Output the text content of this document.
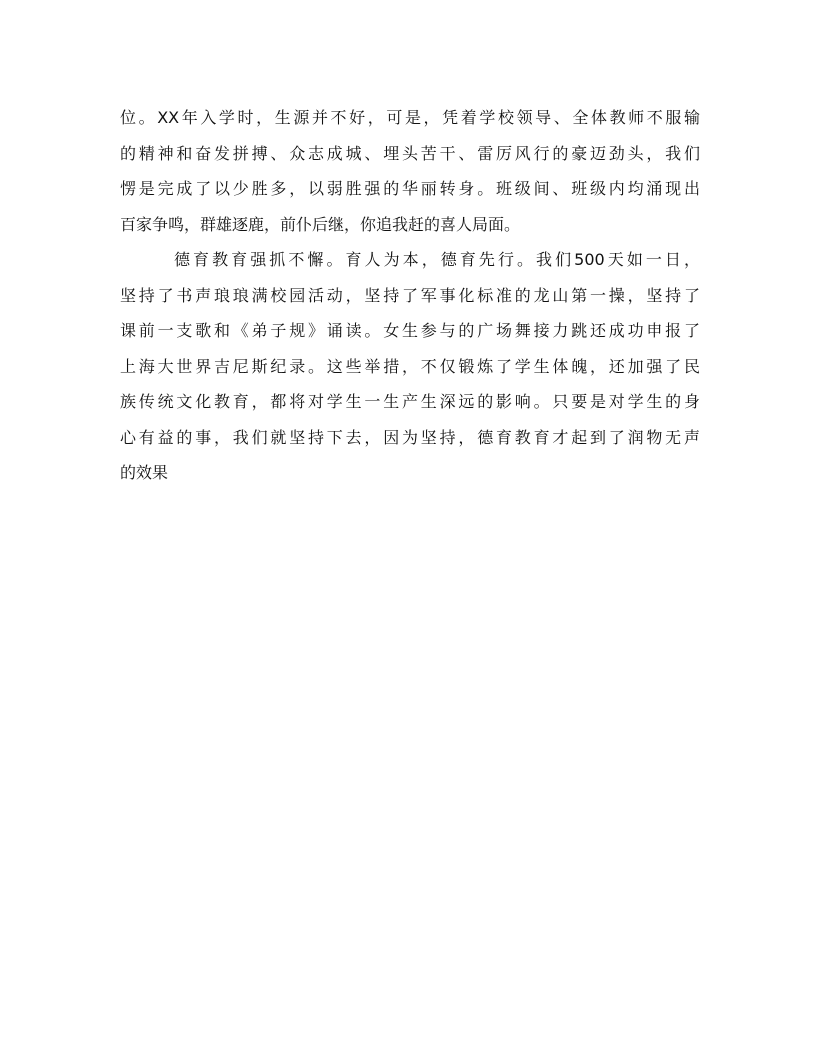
位。XX年入学时，生源并不好，可是，凭着学校领导、全体教师不服输
的精神和奋发拼搏、众志成城、埋头苦干、雷厉风行的豪迈劲头，我们
愣是完成了以少胜多，以弱胜强的华丽转身。班级间、班级内均涌现出
百家争鸣，群雄逐鹿，前仆后继，你追我赶的喜人局面。
德育教育强抓不懈。育人为本，德育先行。我们500天如一日，
坚持了书声琅琅满校园活动，坚持了军事化标准的龙山第一操，坚持了
课前一支歌和《弟子规》诵读。女生参与的广场舞接力跳还成功申报了
上海大世界吉尼斯纪录。这些举措，不仅锻炼了学生体魄，还加强了民
族传统文化教育，都将对学生一生产生深远的影响。只要是对学生的身
心有益的事，我们就坚持下去，因为坚持，德育教育才起到了润物无声
的效果
